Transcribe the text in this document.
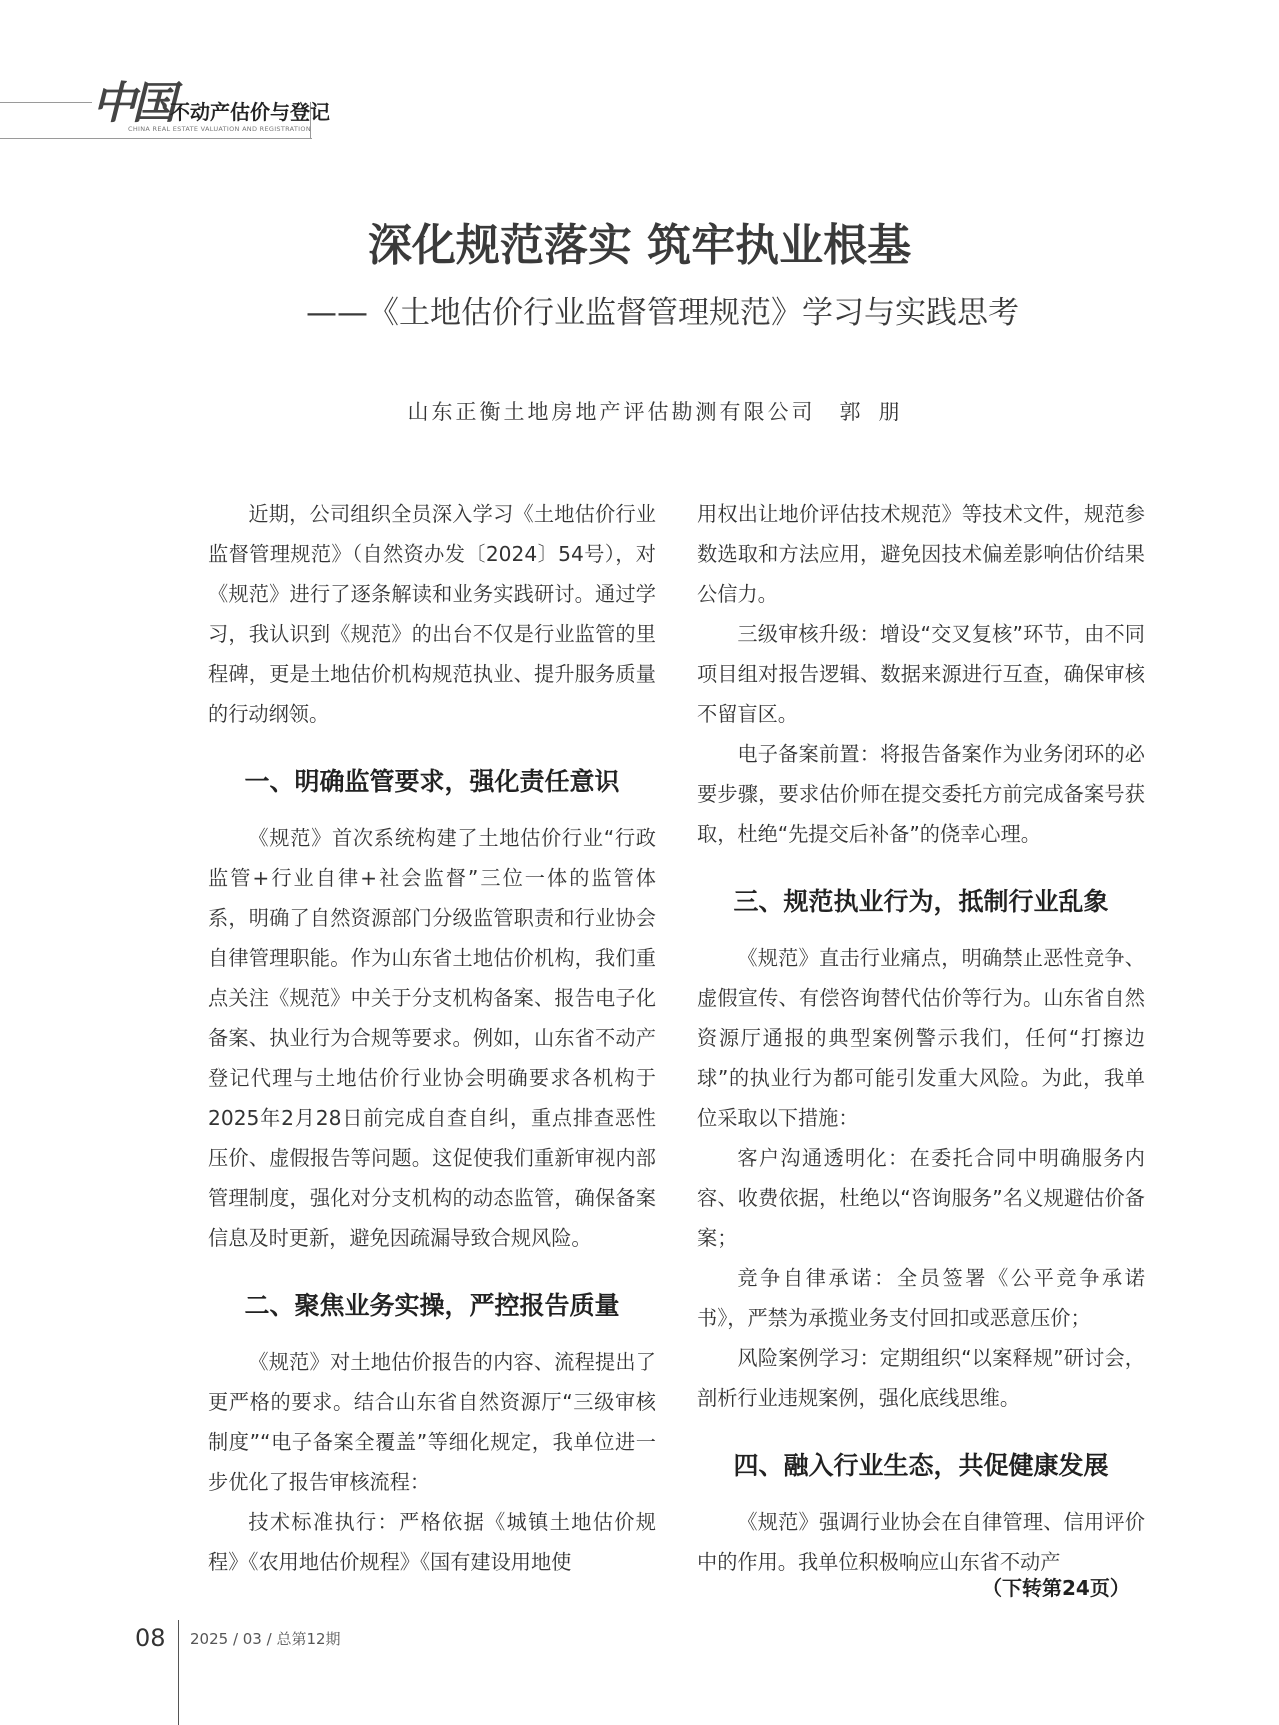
中国
不动产估价与登记
CHINA REAL ESTATE VALUATION AND REGISTRATION
深化规范落实 筑牢执业根基
——《土地估价行业监督管理规范》学习与实践思考
山东正衡土地房地产评估勘测有限公司 郭朋

近期，公司组织全员深入学习《土地估价行业监督管理规范》（自然资办发〔2024〕54号），对《规范》进行了逐条解读和业务实践研讨。通过学习，我认识到《规范》的出台不仅是行业监管的里程碑，更是土地估价机构规范执业、提升服务质量的行动纲领。

一、明确监管要求，强化责任意识

《规范》首次系统构建了土地估价行业“行政监管+行业自律+社会监督”三位一体的监管体系，明确了自然资源部门分级监管职责和行业协会自律管理职能。作为山东省土地估价机构，我们重点关注《规范》中关于分支机构备案、报告电子化备案、执业行为合规等要求。例如，山东省不动产登记代理与土地估价行业协会明确要求各机构于2025年2月28日前完成自查自纠，重点排查恶性压价、虚假报告等问题。这促使我们重新审视内部管理制度，强化对分支机构的动态监管，确保备案信息及时更新，避免因疏漏导致合规风险。

二、聚焦业务实操，严控报告质量

《规范》对土地估价报告的内容、流程提出了更严格的要求。结合山东省自然资源厅“三级审核制度”“电子备案全覆盖”等细化规定，我单位进一步优化了报告审核流程：

技术标准执行：严格依据《城镇土地估价规程》《农用地估价规程》《国有建设用地使

用权出让地价评估技术规范》等技术文件，规范参数选取和方法应用，避免因技术偏差影响估价结果公信力。

三级审核升级：增设“交叉复核”环节，由不同项目组对报告逻辑、数据来源进行互查，确保审核不留盲区。

电子备案前置：将报告备案作为业务闭环的必要步骤，要求估价师在提交委托方前完成备案号获取，杜绝“先提交后补备”的侥幸心理。

三、规范执业行为，抵制行业乱象

《规范》直击行业痛点，明确禁止恶性竞争、虚假宣传、有偿咨询替代估价等行为。山东省自然资源厅通报的典型案例警示我们，任何“打擦边球”的执业行为都可能引发重大风险。为此，我单位采取以下措施：

客户沟通透明化：在委托合同中明确服务内容、收费依据，杜绝以“咨询服务”名义规避估价备案；

竞争自律承诺：全员签署《公平竞争承诺书》，严禁为承揽业务支付回扣或恶意压价；

风险案例学习：定期组织“以案释规”研讨会，剖析行业违规案例，强化底线思维。

四、融入行业生态，共促健康发展

《规范》强调行业协会在自律管理、信用评价中的作用。我单位积极响应山东省不动产

（下转第24页）
08 2025 / 03 / 总第12期
